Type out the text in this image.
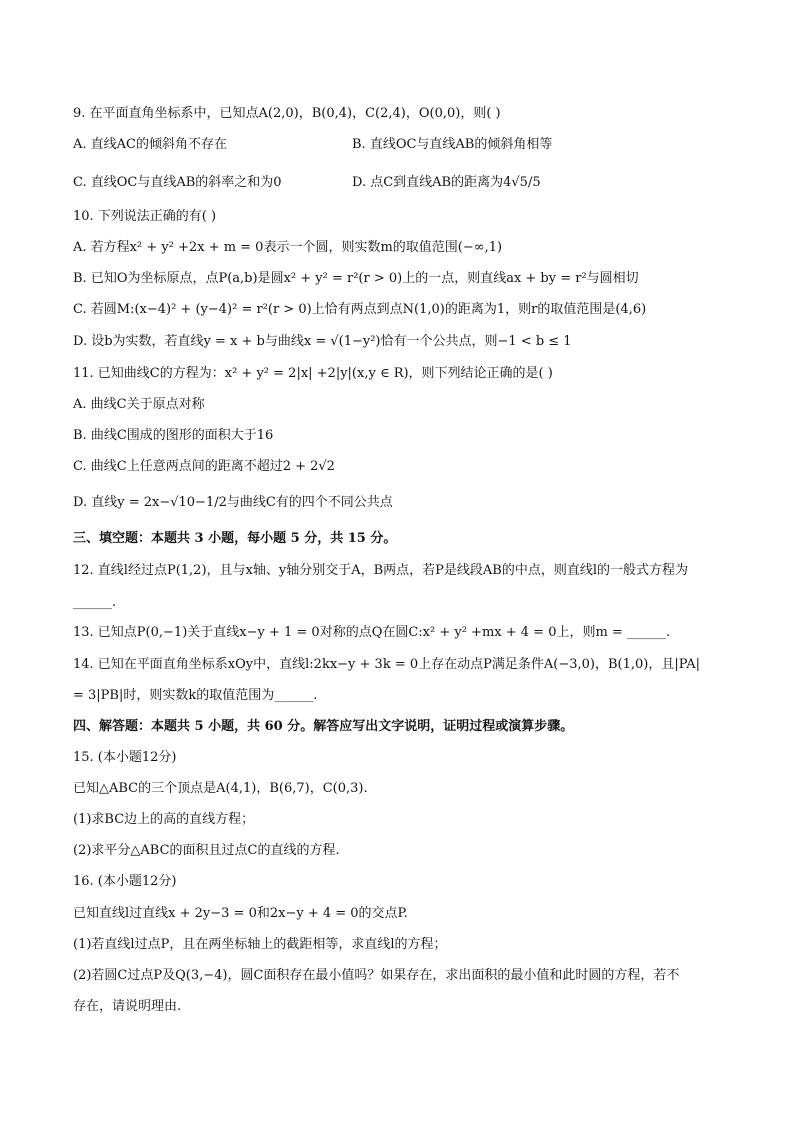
9. 在平面直角坐标系中，已知点A(2,0)，B(0,4)，C(2,4)，O(0,0)，则( )
A. 直线AC的倾斜角不存在	B. 直线OC与直线AB的倾斜角相等
C. 直线OC与直线AB的斜率之和为0	D. 点C到直线AB的距离为4√5/5
10. 下列说法正确的有( )
A. 若方程x² + y² +2x + m = 0表示一个圆，则实数m的取值范围(−∞,1)
B. 已知O为坐标原点，点P(a,b)是圆x² + y² = r²(r > 0)上的一点，则直线ax + by = r²与圆相切
C. 若圆M:(x−4)² + (y−4)² = r²(r > 0)上恰有两点到点N(1,0)的距离为1，则r的取值范围是(4,6)
D. 设b为实数，若直线y = x + b与曲线x = √(1−y²)恰有一个公共点，则−1 < b ≤ 1
11. 已知曲线C的方程为：x² + y² = 2|x| +2|y|(x,y ∈ R)，则下列结论正确的是( )
A. 曲线C关于原点对称
B. 曲线C围成的图形的面积大于16
C. 曲线C上任意两点间的距离不超过2 + 2√2
D. 直线y = 2x−√10−1/2与曲线C有的四个不同公共点
三、填空题：本题共 3 小题，每小题 5 分，共 15 分。
12. 直线l经过点P(1,2)，且与x轴、y轴分别交于A，B两点，若P是线段AB的中点，则直线l的一般式方程为
______.
13. 已知点P(0,−1)关于直线x−y + 1 = 0对称的点Q在圆C:x² + y² +mx + 4 = 0上，则m = ______.
14. 已知在平面直角坐标系xOy中，直线l:2kx−y + 3k = 0上存在动点P满足条件A(−3,0)，B(1,0)，且|PA|
= 3|PB|时，则实数k的取值范围为______.
四、解答题：本题共 5 小题，共 60 分。解答应写出文字说明，证明过程或演算步骤。
15. (本小题12分)
已知△ABC的三个顶点是A(4,1)，B(6,7)，C(0,3).
(1)求BC边上的高的直线方程；
(2)求平分△ABC的面积且过点C的直线的方程.
16. (本小题12分)
已知直线l过直线x + 2y−3 = 0和2x−y + 4 = 0的交点P.
(1)若直线l过点P，且在两坐标轴上的截距相等，求直线l的方程；
(2)若圆C过点P及Q(3,−4)，圆C面积存在最小值吗？如果存在，求出面积的最小值和此时圆的方程，若不
存在，请说明理由.
